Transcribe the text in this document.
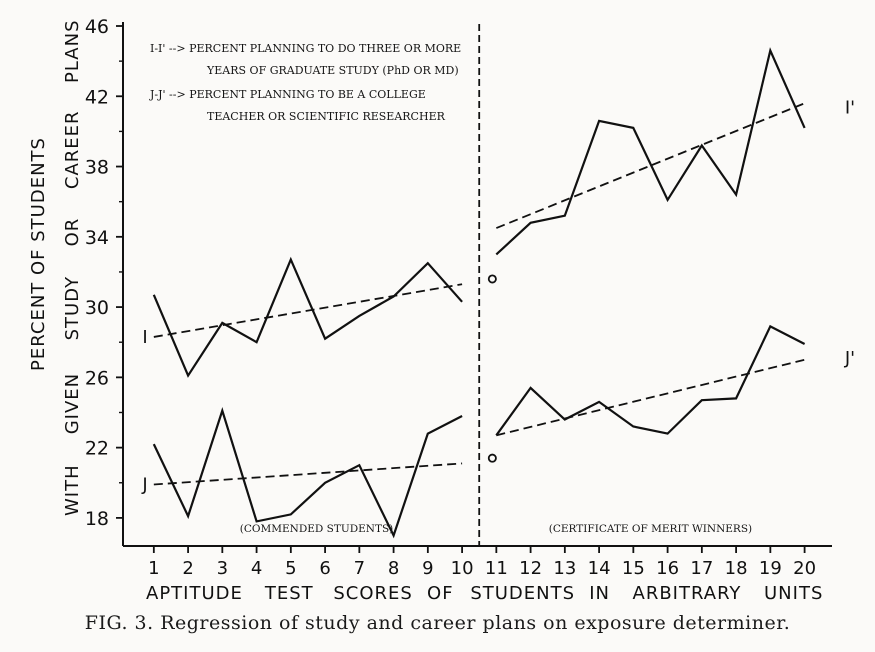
18
22
26
30
34
38
42
46
1 2 3 4 5 6 7 8 9 10 11 12 13 14 15 16 17 18 19 20
I
J
I'
J'
I-I' --> PERCENT PLANNING TO DO THREE OR MORE
YEARS OF GRADUATE STUDY (PhD OR MD)
J-J' --> PERCENT PLANNING TO BE A COLLEGE
TEACHER OR SCIENTIFIC RESEARCHER
(COMMENDED STUDENTS)	(CERTIFICATE OF MERIT WINNERS)
APTITUDE TEST SCORES OF STUDENTS IN ARBITRARY UNITS
PERCENT OF STUDENTS
WITH
GIVEN
STUDY
OR
CAREER
PLANS
FIG. 3. Regression of study and career plans on exposure determiner.
